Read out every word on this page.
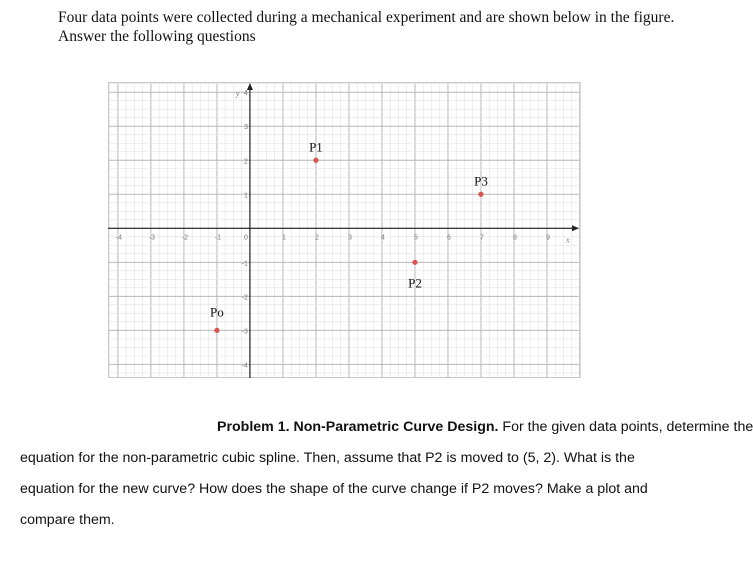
Four data points were collected during a mechanical experiment and are shown below in the figure.
Answer the following questions

x
y
-4	-3	-2	-1	0	1	2	3	4	5	6	7	8	9
4
3
2
1
-1
-2
-3
-4
Po
P1
P2
P3

Problem 1. Non-Parametric Curve Design. For the given data points, determine the
equation for the non-parametric cubic spline. Then, assume that P2 is moved to (5, 2). What is the
equation for the new curve? How does the shape of the curve change if P2 moves? Make a plot and
compare them.
